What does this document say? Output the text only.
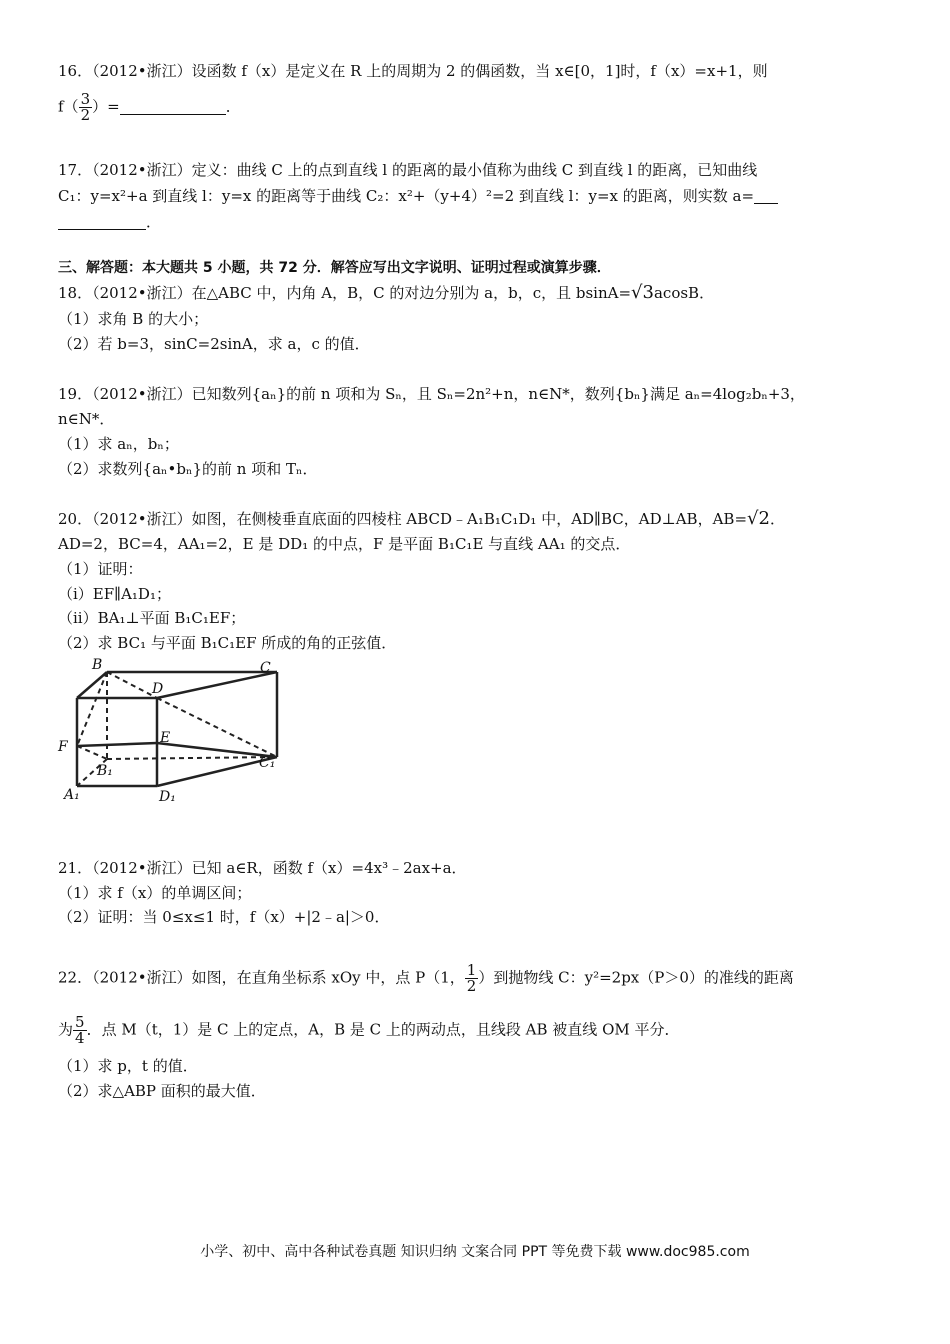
16．（2012•浙江）设函数 f（x）是定义在 R 上的周期为 2 的偶函数，当 x∈[0，1]时，f（x）=x+1，则
$f( \frac{3}{2}$ ）=	．
17．（2012•浙江）定义：曲线 C 上的点到直线 l 的距离的最小值称为曲线 C 到直线 l 的距离，已知曲线
C₁：y=x²+a 到直线 l：y=x 的距离等于曲线 C₂：x²+（y+4）²=2 到直线 l：y=x 的距离，则实数 a=
．
三、解答题：本大题共 5 小题，共 72 分．解答应写出文字说明、证明过程或演算步骤．
18．（2012•浙江）在△ABC 中，内角 A，B，C 的对边分别为 a，b，c，且 bsinA=√3acosB．
（1）求角 B 的大小；
（2）若 b=3，sinC=2sinA，求 a，c 的值．
19．（2012•浙江）已知数列{aₙ}的前 n 项和为 Sₙ，且 Sₙ=2n²+n，n∈N*，数列{bₙ}满足 aₙ=4log₂bₙ+3，
n∈N*．
（1）求 aₙ，bₙ；
（2）求数列{aₙ•bₙ}的前 n 项和 Tₙ．
20．（2012•浙江）如图，在侧棱垂直底面的四棱柱 ABCD﹣A₁B₁C₁D₁ 中，AD∥BC，AD⊥AB，AB=√2．
AD=2，BC=4，AA₁=2，E 是 DD₁ 的中点，F 是平面 B₁C₁E 与直线 AA₁ 的交点．
（1）证明：
（i）EF∥A₁D₁；
（ii）BA₁⊥平面 B₁C₁EF；
（2）求 BC₁ 与平面 B₁C₁EF 所成的角的正弦值．
B	C
D
F
E
C₁
B₁
A₁	D₁
21．（2012•浙江）已知 a∈R，函数 f（x）=4x³﹣2ax+a．
（1）求 f（x）的单调区间；
（2）证明：当 0≤x≤1 时，f（x）+|2﹣a|＞0．
22．（2012•浙江）如图，在直角坐标系 xOy 中，点 P（1， $\frac{1}{2}$ ）到抛物线 C：y²=2px（P＞0）的准线的距离
为 $\frac{5}{4}$ ．点 M（t，1）是 C 上的定点，A，B 是 C 上的两动点，且线段 AB 被直线 OM 平分．
（1）求 p，t 的值．
（2）求△ABP 面积的最大值．
小学、初中、高中各种试卷真题 知识归纳 文案合同 PPT 等免费下载 www.doc985.com
